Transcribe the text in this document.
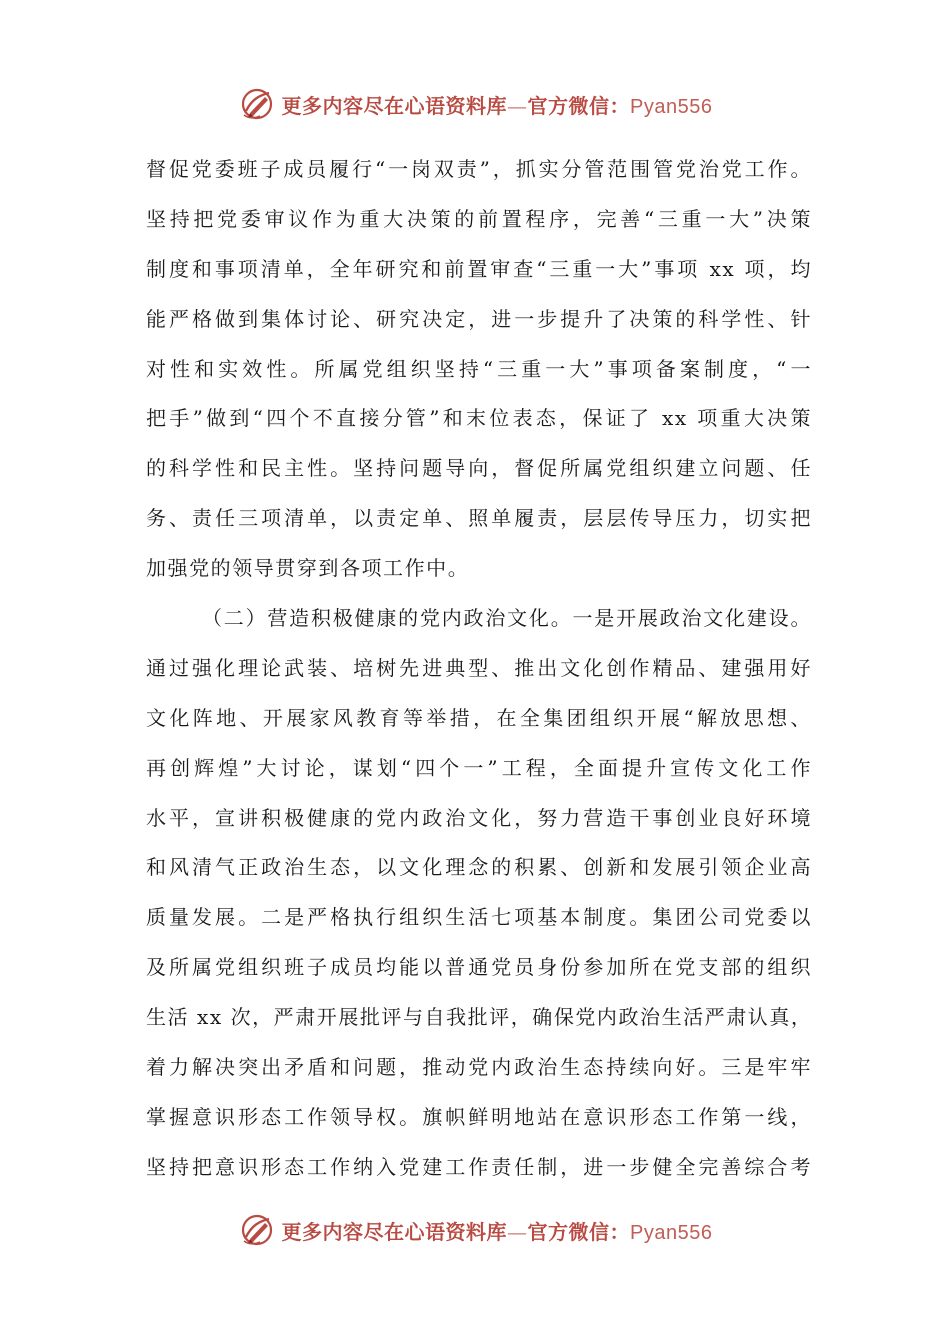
更多内容尽在心语资料库—官方微信：Pyan556
督促党委班子成员履行“一岗双责”，抓实分管范围管党治党工作。
坚持把党委审议作为重大决策的前置程序，完善“三重一大”决策
制度和事项清单，全年研究和前置审查“三重一大”事项 xx 项，均
能严格做到集体讨论、研究决定，进一步提升了决策的科学性、针
对性和实效性。所属党组织坚持“三重一大”事项备案制度，“一
把手”做到“四个不直接分管”和末位表态，保证了 xx 项重大决策
的科学性和民主性。坚持问题导向，督促所属党组织建立问题、任
务、责任三项清单，以责定单、照单履责，层层传导压力，切实把
加强党的领导贯穿到各项工作中。
（二）营造积极健康的党内政治文化。一是开展政治文化建设。
通过强化理论武装、培树先进典型、推出文化创作精品、建强用好
文化阵地、开展家风教育等举措，在全集团组织开展“解放思想、
再创辉煌”大讨论，谋划“四个一”工程，全面提升宣传文化工作
水平，宣讲积极健康的党内政治文化，努力营造干事创业良好环境
和风清气正政治生态，以文化理念的积累、创新和发展引领企业高
质量发展。二是严格执行组织生活七项基本制度。集团公司党委以
及所属党组织班子成员均能以普通党员身份参加所在党支部的组织
生活 xx 次，严肃开展批评与自我批评，确保党内政治生活严肃认真，
着力解决突出矛盾和问题，推动党内政治生态持续向好。三是牢牢
掌握意识形态工作领导权。旗帜鲜明地站在意识形态工作第一线，
坚持把意识形态工作纳入党建工作责任制，进一步健全完善综合考
更多内容尽在心语资料库—官方微信：Pyan556
